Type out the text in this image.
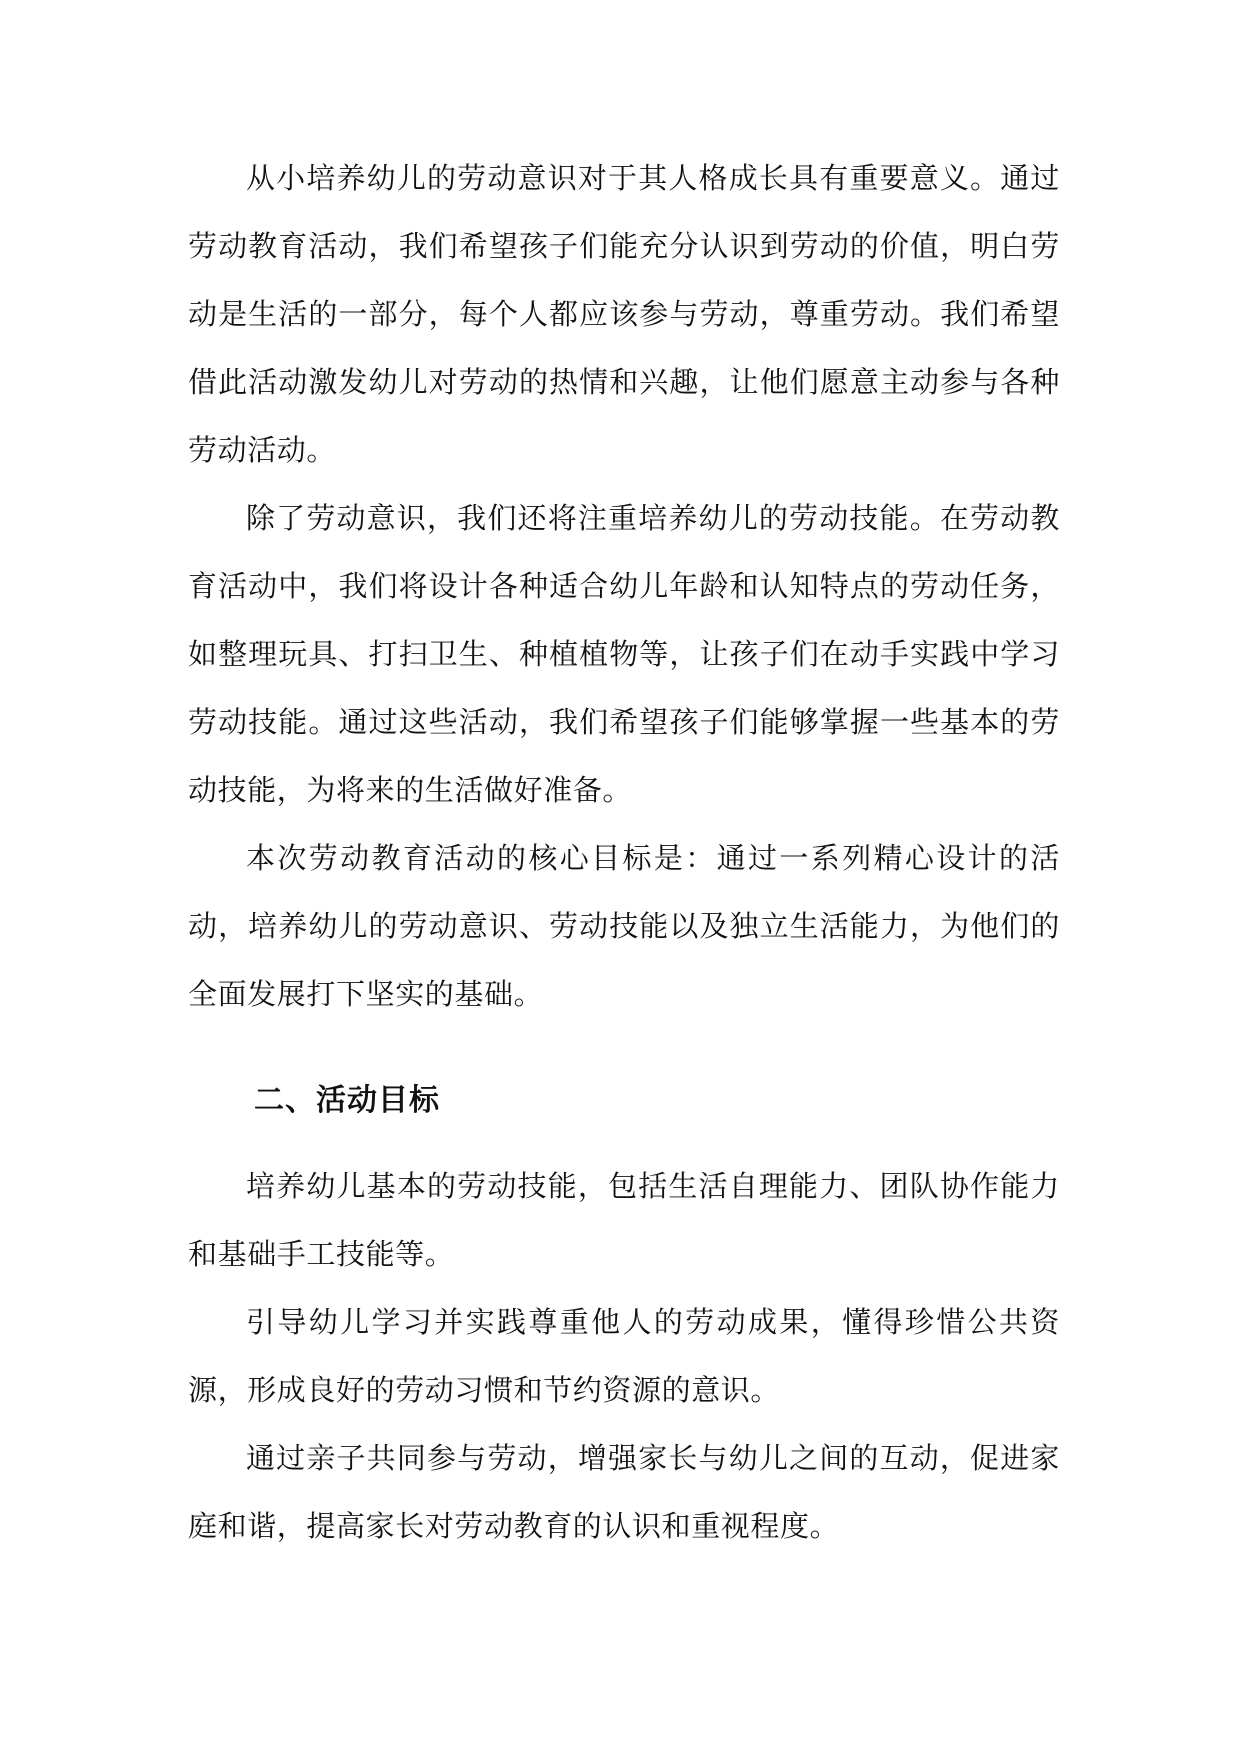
从小培养幼儿的劳动意识对于其人格成长具有重要意义。通过劳动教育活动，我们希望孩子们能充分认识到劳动的价值，明白劳动是生活的一部分，每个人都应该参与劳动，尊重劳动。我们希望借此活动激发幼儿对劳动的热情和兴趣，让他们愿意主动参与各种劳动活动。

除了劳动意识，我们还将注重培养幼儿的劳动技能。在劳动教育活动中，我们将设计各种适合幼儿年龄和认知特点的劳动任务，如整理玩具、打扫卫生、种植植物等，让孩子们在动手实践中学习劳动技能。通过这些活动，我们希望孩子们能够掌握一些基本的劳动技能，为将来的生活做好准备。

本次劳动教育活动的核心目标是：通过一系列精心设计的活动，培养幼儿的劳动意识、劳动技能以及独立生活能力，为他们的全面发展打下坚实的基础。

二、活动目标

培养幼儿基本的劳动技能，包括生活自理能力、团队协作能力和基础手工技能等。

引导幼儿学习并实践尊重他人的劳动成果，懂得珍惜公共资源，形成良好的劳动习惯和节约资源的意识。

通过亲子共同参与劳动，增强家长与幼儿之间的互动，促进家庭和谐，提高家长对劳动教育的认识和重视程度。
